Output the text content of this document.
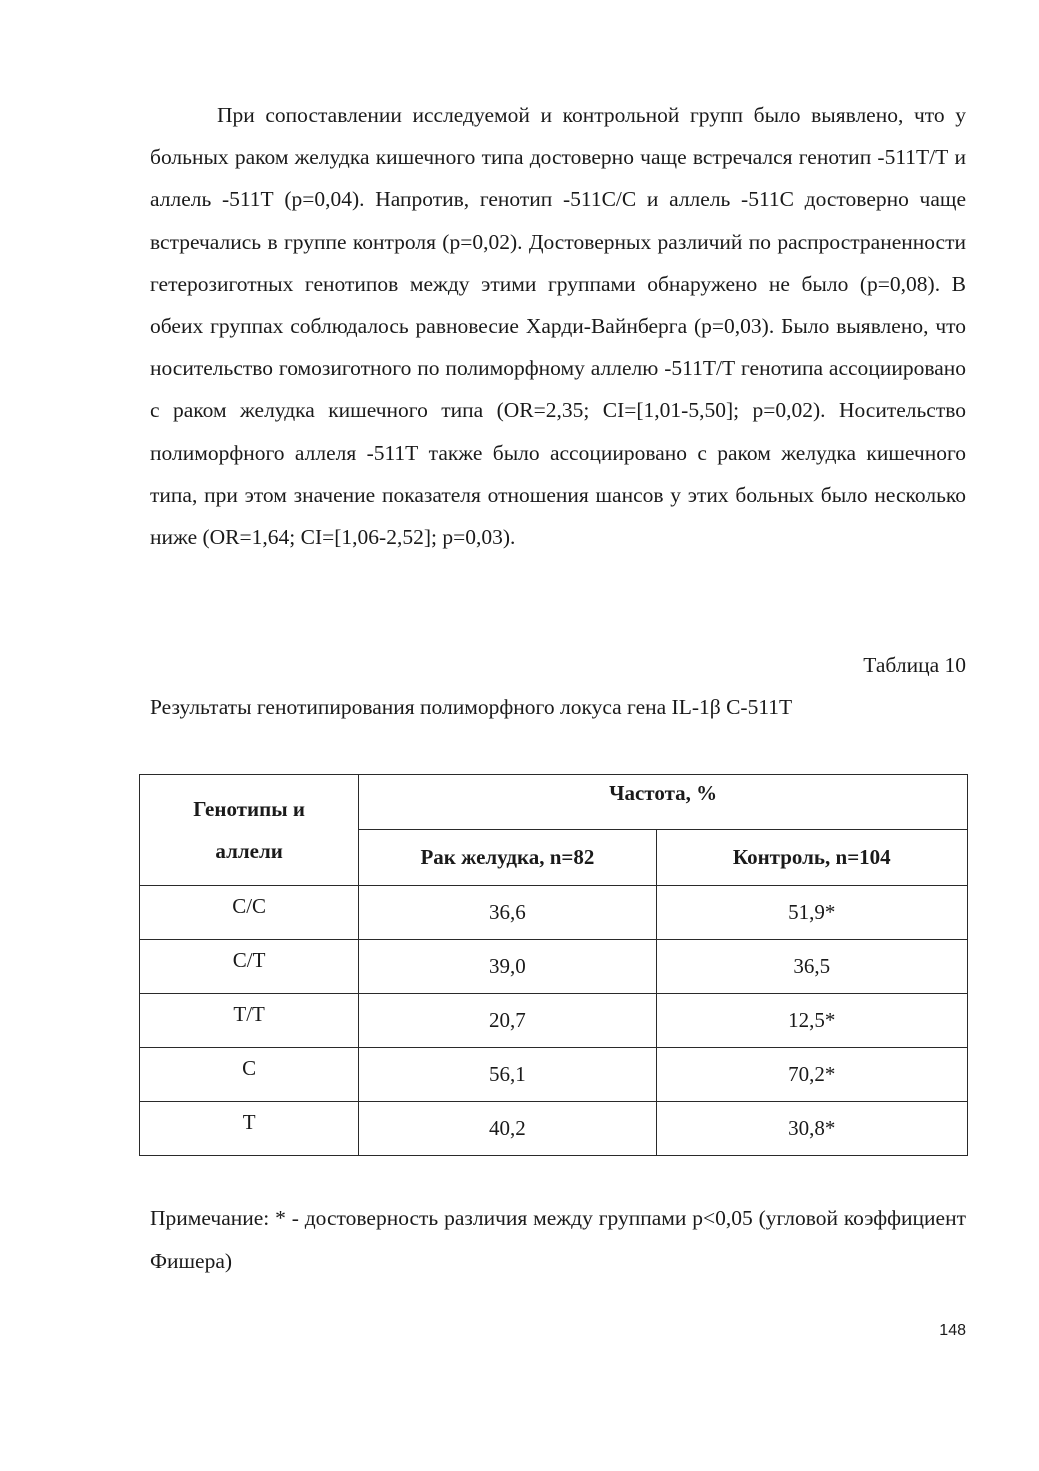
При сопоставлении исследуемой и контрольной групп было выявлено, что у больных раком желудка кишечного типа достоверно чаще встречался генотип -511Т/Т и аллель -511Т (р=0,04). Напротив, генотип -511С/С и аллель -511С достоверно чаще встречались в группе контроля (р=0,02). Достоверных различий по распространенности гетерозиготных генотипов между этими группами обнаружено не было (р=0,08). В обеих группах соблюдалось равновесие Харди-Вайнберга (р=0,03). Было выявлено, что носительство гомозиготного по полиморфному аллелю -511Т/Т генотипа ассоциировано с раком желудка кишечного типа (OR=2,35; CI=[1,01-5,50]; р=0,02). Носительство полиморфного аллеля -511Т также было ассоциировано с раком желудка кишечного типа, при этом значение показателя отношения шансов у этих больных было несколько ниже (OR=1,64; CI=[1,06-2,52]; р=0,03).

Таблица 10

Результаты генотипирования полиморфного локуса гена IL-1β С-511Т

Генотипы и
аллели	Частота, %	
	Рак желудка, n=82	Контроль, n=104
С/С	36,6	51,9*
С/Т	39,0	36,5
Т/Т	20,7	12,5*
С	56,1	70,2*
Т	40,2	30,8*

Примечание: * - достоверность различия между группами р<0,05 (угловой коэффициент Фишера)

148
